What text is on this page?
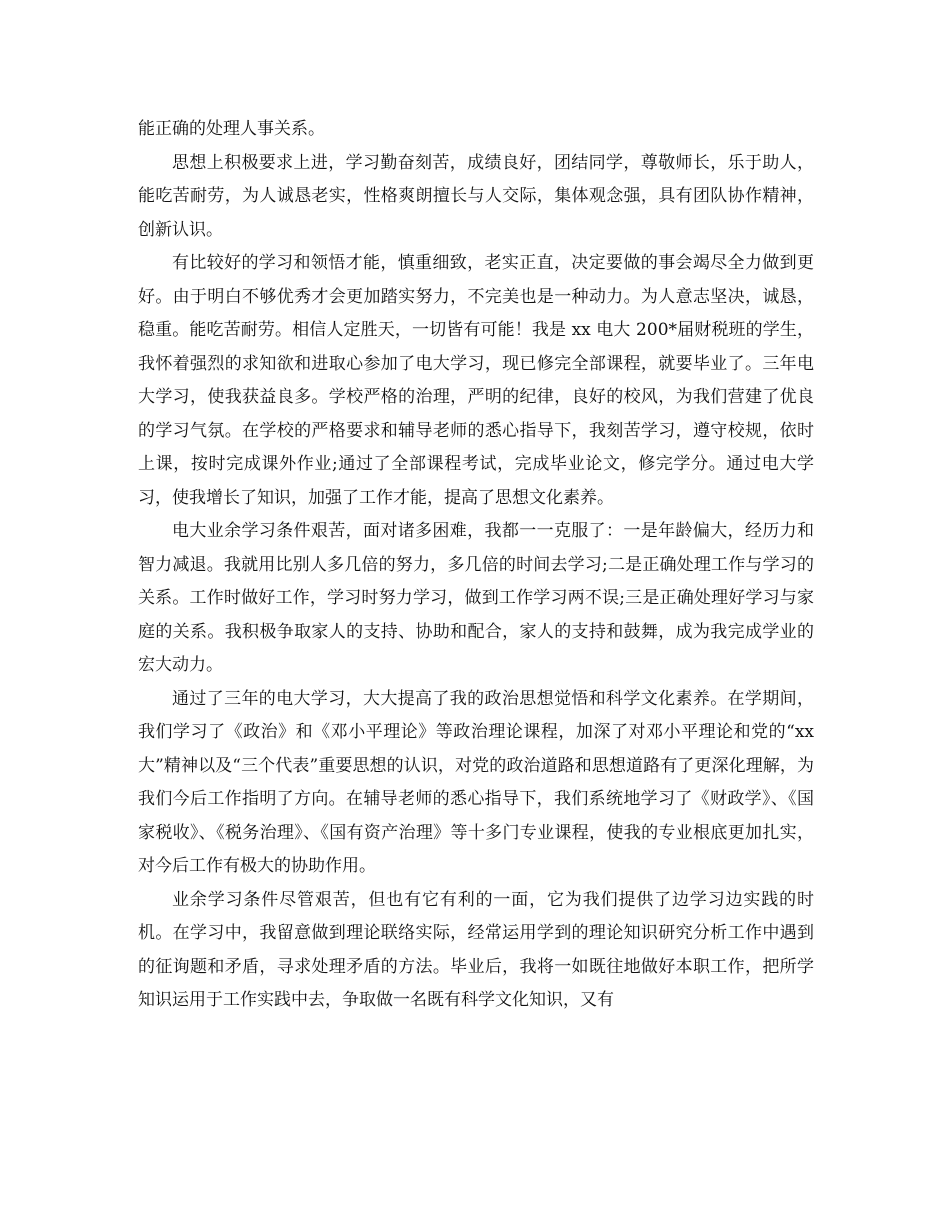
能正确的处理人事关系。

思想上积极要求上进，学习勤奋刻苦，成绩良好，团结同学，尊敬师长，乐于助人，能吃苦耐劳，为人诚恳老实，性格爽朗擅长与人交际，集体观念强，具有团队协作精神，创新认识。

有比较好的学习和领悟才能，慎重细致，老实正直，决定要做的事会竭尽全力做到更好。由于明白不够优秀才会更加踏实努力，不完美也是一种动力。为人意志坚决，诚恳，稳重。能吃苦耐劳。相信人定胜天，一切皆有可能！我是 xx 电大 200*届财税班的学生，我怀着强烈的求知欲和进取心参加了电大学习，现已修完全部课程，就要毕业了。三年电大学习，使我获益良多。学校严格的治理，严明的纪律，良好的校风，为我们营建了优良的学习气氛。在学校的严格要求和辅导老师的悉心指导下，我刻苦学习，遵守校规，依时上课，按时完成课外作业;通过了全部课程考试，完成毕业论文，修完学分。通过电大学习，使我增长了知识，加强了工作才能，提高了思想文化素养。

电大业余学习条件艰苦，面对诸多困难，我都一一克服了：一是年龄偏大，经历力和智力减退。我就用比别人多几倍的努力，多几倍的时间去学习;二是正确处理工作与学习的关系。工作时做好工作，学习时努力学习，做到工作学习两不误;三是正确处理好学习与家庭的关系。我积极争取家人的支持、协助和配合，家人的支持和鼓舞，成为我完成学业的宏大动力。

通过了三年的电大学习，大大提高了我的政治思想觉悟和科学文化素养。在学期间，我们学习了《政治》和《邓小平理论》等政治理论课程，加深了对邓小平理论和党的“xx 大”精神以及“三个代表”重要思想的认识，对党的政治道路和思想道路有了更深化理解，为我们今后工作指明了方向。在辅导老师的悉心指导下，我们系统地学习了《财政学》、《国家税收》、《税务治理》、《国有资产治理》等十多门专业课程，使我的专业根底更加扎实，对今后工作有极大的协助作用。

业余学习条件尽管艰苦，但也有它有利的一面，它为我们提供了边学习边实践的时机。在学习中，我留意做到理论联络实际，经常运用学到的理论知识研究分析工作中遇到的征询题和矛盾，寻求处理矛盾的方法。毕业后，我将一如既往地做好本职工作，把所学知识运用于工作实践中去，争取做一名既有科学文化知识，又有
